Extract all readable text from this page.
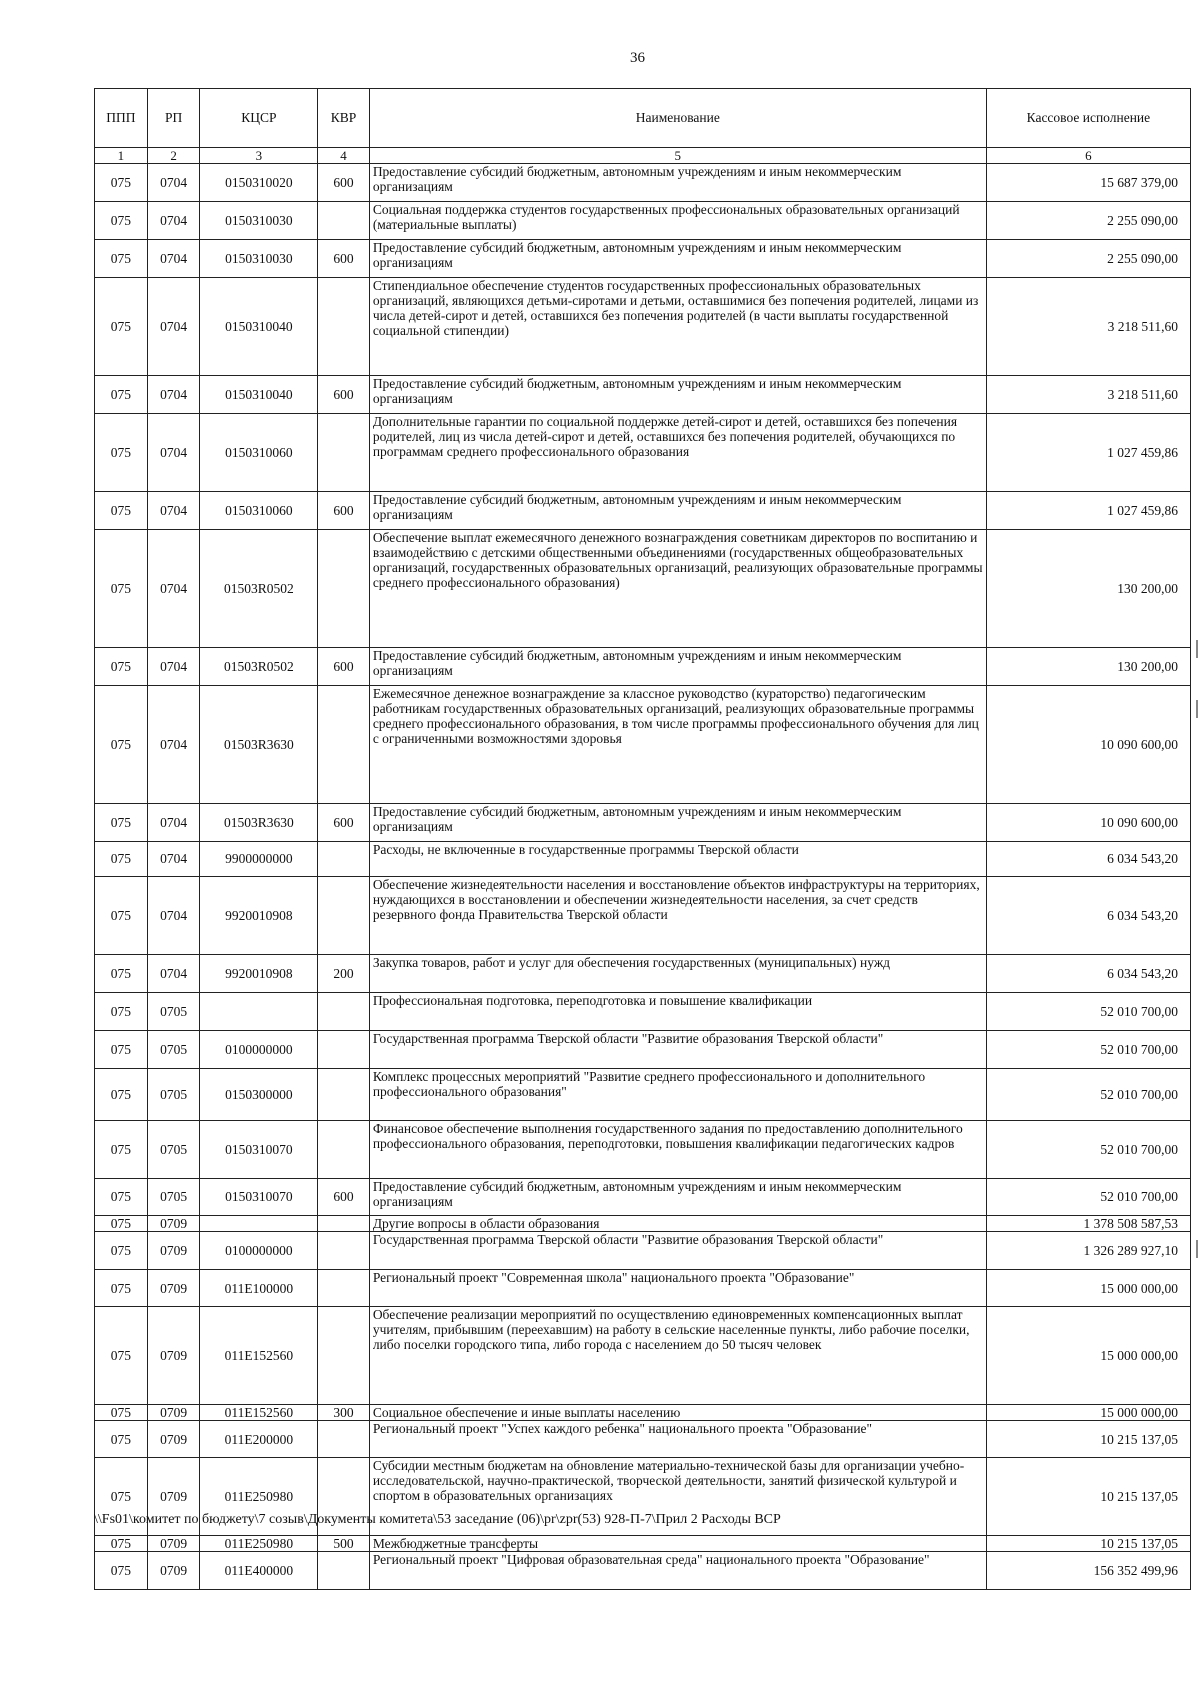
36
ППП	РП	КЦСР	КВР	Наименование	Кассовое исполнение
1	2	3	4	5	6
075	0704	0150310020	600	Предоставление субсидий бюджетным, автономным учреждениям и иным некоммерческим организациям	15 687 379,00
075	0704	0150310030		Социальная поддержка студентов государственных профессиональных образовательных организаций (материальные выплаты)	2 255 090,00
075	0704	0150310030	600	Предоставление субсидий бюджетным, автономным учреждениям и иным некоммерческим организациям	2 255 090,00
075	0704	0150310040		Стипендиальное обеспечение студентов государственных профессиональных образовательных организаций, являющихся детьми-сиротами и детьми, оставшимися без попечения родителей, лицами из числа детей-сирот и детей, оставшихся без попечения родителей (в части выплаты государственной социальной стипендии)	3 218 511,60
075	0704	0150310040	600	Предоставление субсидий бюджетным, автономным учреждениям и иным некоммерческим организациям	3 218 511,60
075	0704	0150310060		Дополнительные гарантии по социальной поддержке детей-сирот и детей, оставшихся без попечения родителей, лиц из числа детей-сирот и детей, оставшихся без попечения родителей, обучающихся по программам среднего профессионального образования	1 027 459,86
075	0704	0150310060	600	Предоставление субсидий бюджетным, автономным учреждениям и иным некоммерческим организациям	1 027 459,86
075	0704	01503R0502		Обеспечение выплат ежемесячного денежного вознаграждения советникам директоров по воспитанию и взаимодействию с детскими общественными объединениями (государственных общеобразовательных организаций, государственных образовательных организаций, реализующих образовательные программы среднего профессионального образования)	130 200,00
075	0704	01503R0502	600	Предоставление субсидий бюджетным, автономным учреждениям и иным некоммерческим организациям	130 200,00
075	0704	01503R3630		Ежемесячное денежное вознаграждение за классное руководство (кураторство) педагогическим работникам государственных образовательных организаций, реализующих образовательные программы среднего профессионального образования, в том числе программы профессионального обучения для лиц с ограниченными возможностями здоровья	10 090 600,00
075	0704	01503R3630	600	Предоставление субсидий бюджетным, автономным учреждениям и иным некоммерческим организациям	10 090 600,00
075	0704	9900000000		Расходы, не включенные в государственные программы Тверской области	6 034 543,20
075	0704	9920010908		Обеспечение жизнедеятельности населения и восстановление объектов инфраструктуры на территориях, нуждающихся в восстановлении и обеспечении жизнедеятельности населения, за счет средств резервного фонда Правительства Тверской области	6 034 543,20
075	0704	9920010908	200	Закупка товаров, работ и услуг для обеспечения государственных (муниципальных) нужд	6 034 543,20
075	0705			Профессиональная подготовка, переподготовка и повышение квалификации	52 010 700,00
075	0705	0100000000		Государственная программа Тверской области "Развитие образования Тверской области"	52 010 700,00
075	0705	0150300000		Комплекс процессных мероприятий "Развитие среднего профессионального и дополнительного профессионального образования"	52 010 700,00
075	0705	0150310070		Финансовое обеспечение выполнения государственного задания по предоставлению дополнительного профессионального образования, переподготовки, повышения квалификации педагогических кадров	52 010 700,00
075	0705	0150310070	600	Предоставление субсидий бюджетным, автономным учреждениям и иным некоммерческим организациям	52 010 700,00
075	0709			Другие вопросы в области образования	1 378 508 587,53
075	0709	0100000000		Государственная программа Тверской области "Развитие образования Тверской области"	1 326 289 927,10
075	0709	011E100000		Региональный проект "Современная школа" национального проекта "Образование"	15 000 000,00
075	0709	011E152560		Обеспечение реализации мероприятий по осуществлению единовременных компенсационных выплат учителям, прибывшим (переехавшим) на работу в сельские населенные пункты, либо рабочие поселки, либо поселки городского типа, либо города с населением до 50 тысяч человек	15 000 000,00
075	0709	011E152560	300	Социальное обеспечение и иные выплаты населению	15 000 000,00
075	0709	011E200000		Региональный проект "Успех каждого ребенка" национального проекта "Образование"	10 215 137,05
075	0709	011E250980		Субсидии местным бюджетам на обновление материально-технической базы для организации учебно-исследовательской, научно-практической, творческой деятельности, занятий физической культурой и спортом в образовательных организациях	10 215 137,05
075	0709	011E250980	500	Межбюджетные трансферты	10 215 137,05
075	0709	011E400000		Региональный проект "Цифровая образовательная среда" национального проекта "Образование"	156 352 499,96
\\Fs01\комитет по бюджету\7 созыв\Документы комитета\53 заседание (06)\pr\zpr(53) 928-П-7\Прил 2 Расходы ВСР
